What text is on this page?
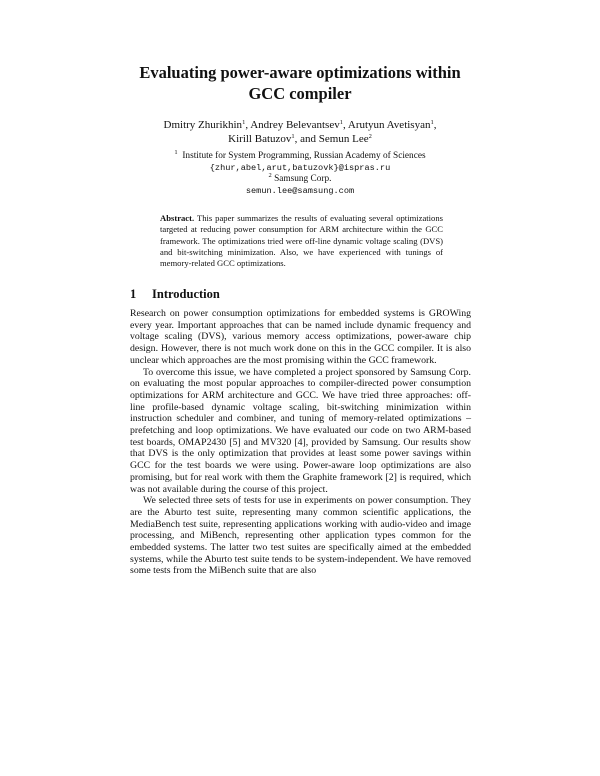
Evaluating power-aware optimizations within
GCC compiler
Dmitry Zhurikhin$^1$, Andrey Belevantsev$^1$, Arutyun Avetisyan$^1$,
Kirill Batuzov$^1$, and Semun Lee$^2$
$^1$ Institute for System Programming, Russian Academy of Sciences
{zhur,abel,arut,batuzovk}@ispras.ru
$^2$ Samsung Corp.
semun.lee@samsung.com
Abstract. This paper summarizes the results of evaluating several optimizations targeted at reducing power consumption for ARM architecture within the GCC framework. The optimizations tried were off-line dynamic voltage scaling (DVS) and bit-switching minimization. Also, we have experienced with tunings of memory-related GCC optimizations.
1 Introduction

Research on power consumption optimizations for embedded systems is GROWing every year. Important approaches that can be named include dynamic frequency and voltage scaling (DVS), various memory access optimizations, power-aware chip design. However, there is not much work done on this in the GCC compiler. It is also unclear which approaches are the most promising within the GCC framework.

To overcome this issue, we have completed a project sponsored by Samsung Corp. on evaluating the most popular approaches to compiler-directed power consumption optimizations for ARM architecture and GCC. We have tried three approaches: off-line profile-based dynamic voltage scaling, bit-switching minimization within instruction scheduler and combiner, and tuning of memory-related optimizations – prefetching and loop optimizations. We have evaluated our code on two ARM-based test boards, OMAP2430 [5] and MV320 [4], provided by Samsung. Our results show that DVS is the only optimization that provides at least some power savings within GCC for the test boards we were using. Power-aware loop optimizations are also promising, but for real work with them the Graphite framework [2] is required, which was not available during the course of this project.

We selected three sets of tests for use in experiments on power consumption. They are the Aburto test suite, representing many common scientific applications, the MediaBench test suite, representing applications working with audio-video and image processing, and MiBench, representing other application types common for the embedded systems. The latter two test suites are specifically aimed at the embedded systems, while the Aburto test suite tends to be system-independent. We have removed some tests from the MiBench suite that are also
